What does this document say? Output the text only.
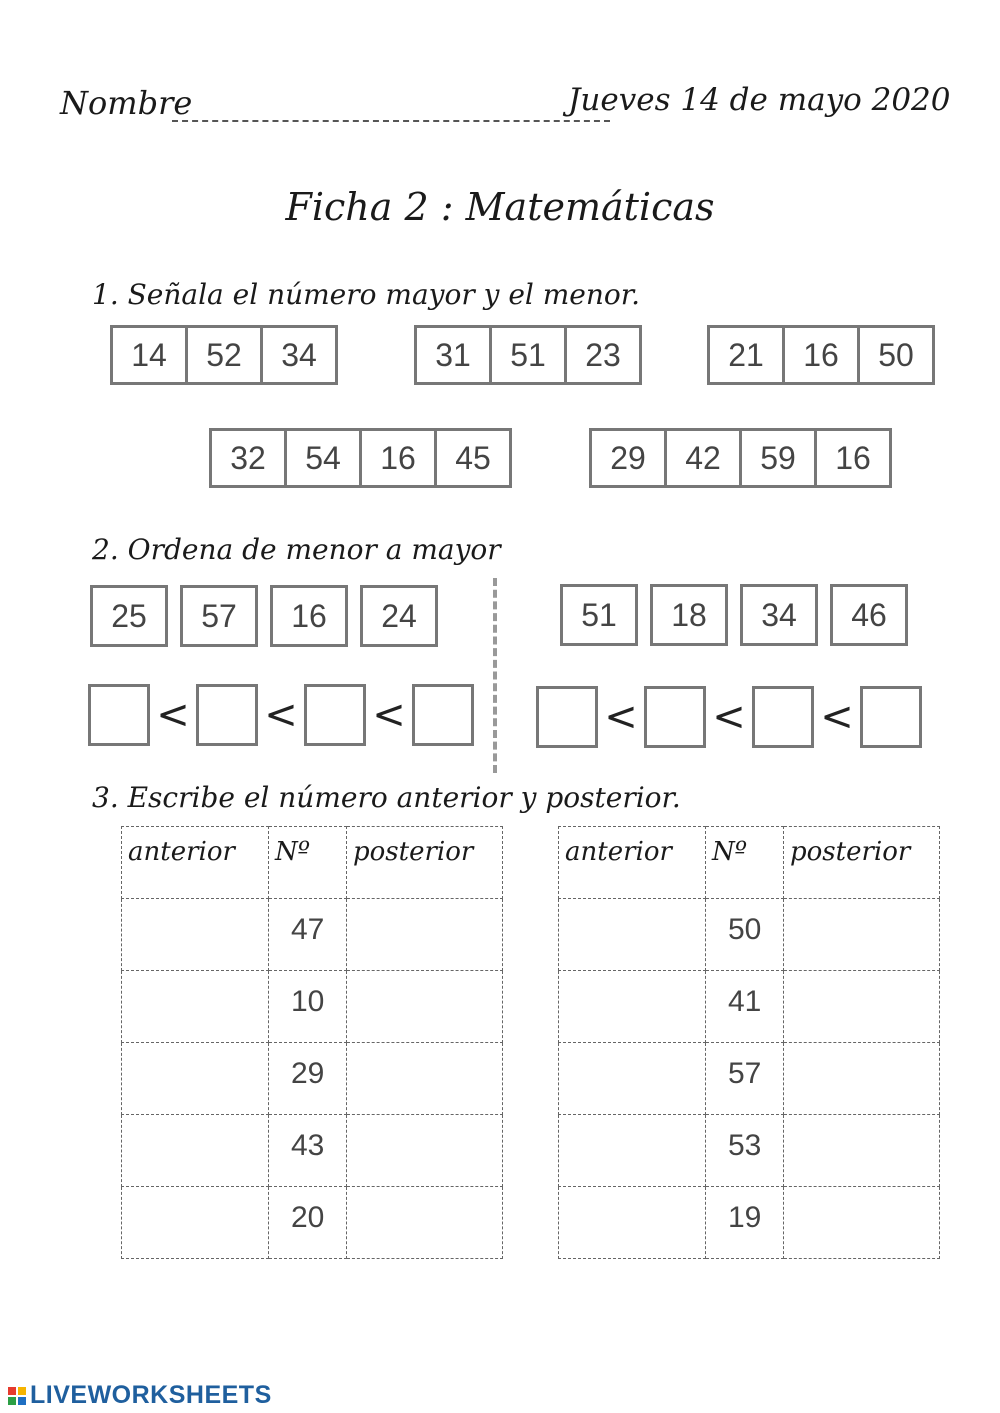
Nombre	Jueves 14 de mayo 2020
Ficha 2 : Matemáticas
1. Señala el número mayor y el menor.
14	52	34	31	51	23	21	16	50
32	54	16	45	29	42	59	16
2. Ordena de menor a mayor
25	57	16	24	51	18	34	46
< < <	< < <
3. Escribe el número anterior y posterior.
anterior	Nº	posterior
	47	
	10	
	29	
	43	
	20	
anterior	Nº	posterior
	50	
	41	
	57	
	53	
	19	
LIVEWORKSHEETS
